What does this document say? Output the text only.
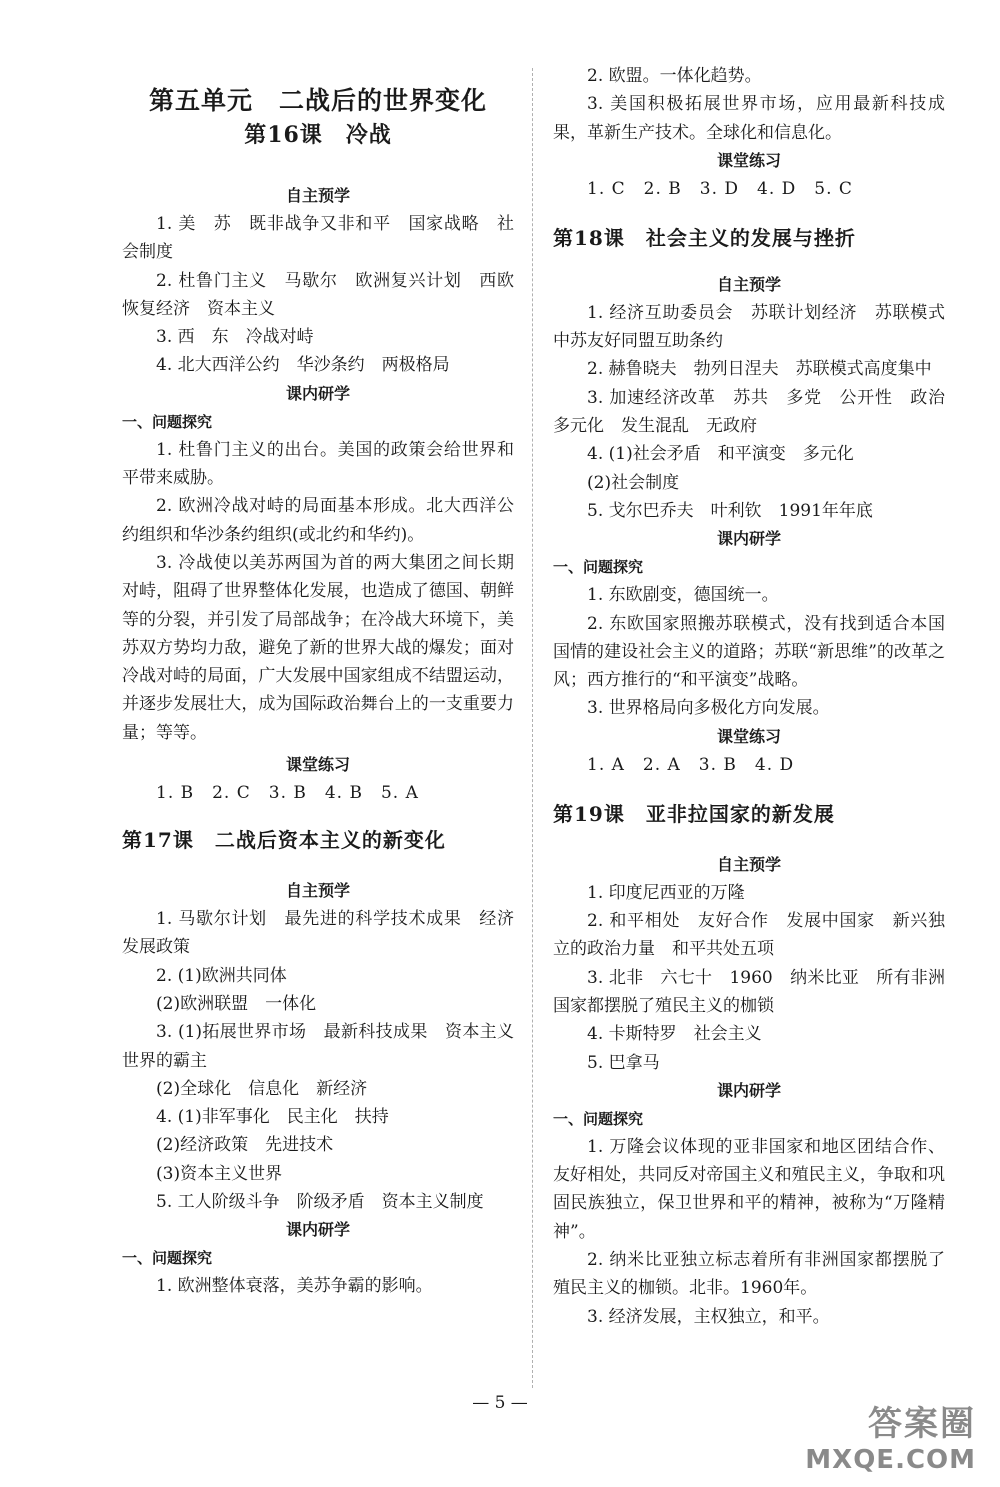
第五单元　二战后的世界变化
第16课　冷战
自主预学

1. 美　苏　既非战争又非和平　国家战略　社会制度

2. 杜鲁门主义　马歇尔　欧洲复兴计划　西欧恢复经济　资本主义

3. 西　东　冷战对峙

4. 北大西洋公约　华沙条约　两极格局

课内研学
一、问题探究

1. 杜鲁门主义的出台。美国的政策会给世界和平带来威胁。

2. 欧洲冷战对峙的局面基本形成。北大西洋公约组织和华沙条约组织(或北约和华约)。

3. 冷战使以美苏两国为首的两大集团之间长期对峙，阻碍了世界整体化发展，也造成了德国、朝鲜等的分裂，并引发了局部战争；在冷战大环境下，美苏双方势均力敌，避免了新的世界大战的爆发；面对冷战对峙的局面，广大发展中国家组成不结盟运动，并逐步发展壮大，成为国际政治舞台上的一支重要力量；等等。

课堂练习
1. B　2. C　3. B　4. B　5. A
第17课　二战后资本主义的新变化
自主预学

1. 马歇尔计划　最先进的科学技术成果　经济发展政策

2. (1)欧洲共同体

(2)欧洲联盟　一体化

3. (1)拓展世界市场　最新科技成果　资本主义世界的霸主

(2)全球化　信息化　新经济

4. (1)非军事化　民主化　扶持

(2)经济政策　先进技术

(3)资本主义世界

5. 工人阶级斗争　阶级矛盾　资本主义制度

课内研学
一、问题探究

1. 欧洲整体衰落，美苏争霸的影响。

2. 欧盟。一体化趋势。

3. 美国积极拓展世界市场，应用最新科技成果，革新生产技术。全球化和信息化。

课堂练习
1. C　2. B　3. D　4. D　5. C
第18课　社会主义的发展与挫折
自主预学

1. 经济互助委员会　苏联计划经济　苏联模式　中苏友好同盟互助条约

2. 赫鲁晓夫　勃列日涅夫　苏联模式高度集中

3. 加速经济改革　苏共　多党　公开性　政治多元化　发生混乱　无政府

4. (1)社会矛盾　和平演变　多元化

(2)社会制度

5. 戈尔巴乔夫　叶利钦　1991年年底

课内研学
一、问题探究

1. 东欧剧变，德国统一。

2. 东欧国家照搬苏联模式，没有找到适合本国国情的建设社会主义的道路；苏联“新思维”的改革之风；西方推行的“和平演变”战略。

3. 世界格局向多极化方向发展。

课堂练习
1. A　2. A　3. B　4. D
第19课　亚非拉国家的新发展
自主预学

1. 印度尼西亚的万隆

2. 和平相处　友好合作　发展中国家　新兴独立的政治力量　和平共处五项

3. 北非　六七十　1960　纳米比亚　所有非洲国家都摆脱了殖民主义的枷锁

4. 卡斯特罗　社会主义

5. 巴拿马

课内研学
一、问题探究

1. 万隆会议体现的亚非国家和地区团结合作、友好相处，共同反对帝国主义和殖民主义，争取和巩固民族独立，保卫世界和平的精神，被称为“万隆精神”。

2. 纳米比亚独立标志着所有非洲国家都摆脱了殖民主义的枷锁。北非。1960年。

3. 经济发展，主权独立，和平。

— 5 —
答案圈
MXQE.COM
